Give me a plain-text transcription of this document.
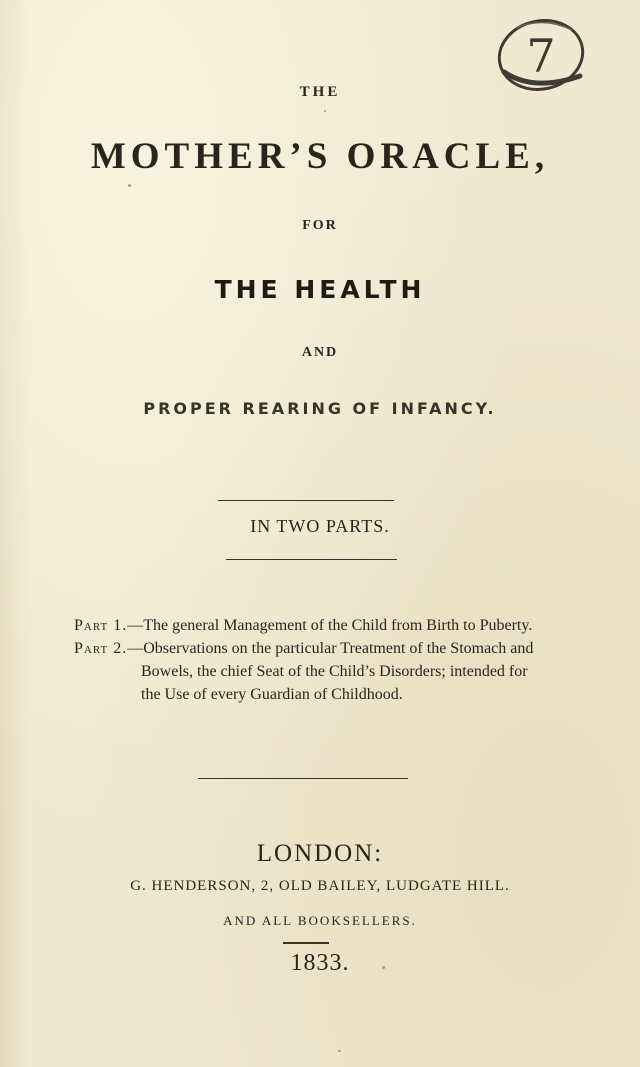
7
THE
MOTHER’S ORACLE,
FOR
THE HEALTH
AND
PROPER REARING OF INFANCY.
IN TWO PARTS.
Part 1. —The general Management of the Child from Birth to Puberty.
Part 2. —Observations on the particular Treatment of the Stomach and
Bowels, the chief Seat of the Child’s Disorders; intended for
the Use of every Guardian of Childhood.
LONDON:
G. HENDERSON, 2, OLD BAILEY, LUDGATE HILL.
AND ALL BOOKSELLERS.
1833.
